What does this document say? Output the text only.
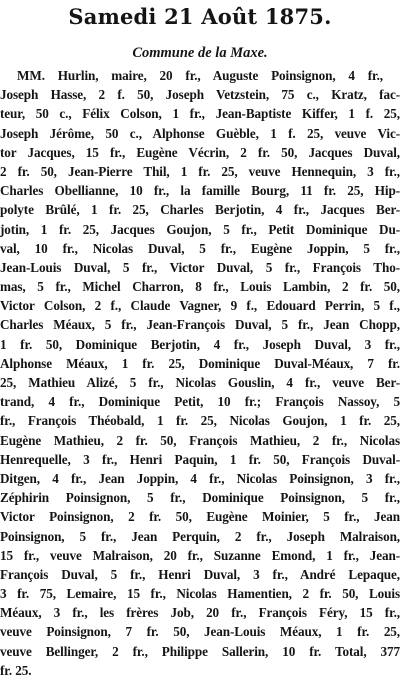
Samedi 21 Août 1875.
Commune de la Maxe.
MM. Hurlin, maire, 20 fr., Auguste Poinsignon, 4 fr.,
Joseph Hasse, 2 f. 50, Joseph Vetzstein, 75 c., Kratz, fac-
teur, 50 c., Félix Colson, 1 fr., Jean-Baptiste Kiffer, 1 f. 25,
Joseph Jérôme, 50 c., Alphonse Guèble, 1 f. 25, veuve Vic-
tor Jacques, 15 fr., Eugène Vécrin, 2 fr. 50, Jacques Duval,
2 fr. 50, Jean-Pierre Thil, 1 fr. 25, veuve Hennequin, 3 fr.,
Charles Obellianne, 10 fr., la famille Bourg, 11 fr. 25, Hip-
polyte Brûlé, 1 fr. 25, Charles Berjotin, 4 fr., Jacques Ber-
jotin, 1 fr. 25, Jacques Goujon, 5 fr., Petit Dominique Du-
val, 10 fr., Nicolas Duval, 5 fr., Eugène Joppin, 5 fr.,
Jean-Louis Duval, 5 fr., Victor Duval, 5 fr., François Tho-
mas, 5 fr., Michel Charron, 8 fr., Louis Lambin, 2 fr. 50,
Victor Colson, 2 f., Claude Vagner, 9 f., Edouard Perrin, 5 f.,
Charles Méaux, 5 fr., Jean-François Duval, 5 fr., Jean Chopp,
1 fr. 50, Dominique Berjotin, 4 fr., Joseph Duval, 3 fr.,
Alphonse Méaux, 1 fr. 25, Dominique Duval-Méaux, 7 fr.
25, Mathieu Alizé, 5 fr., Nicolas Gouslin, 4 fr., veuve Ber-
trand, 4 fr., Dominique Petit, 10 fr.; François Nassoy, 5
fr., François Théobald, 1 fr. 25, Nicolas Goujon, 1 fr. 25,
Eugène Mathieu, 2 fr. 50, François Mathieu, 2 fr., Nicolas
Henrequelle, 3 fr., Henri Paquin, 1 fr. 50, François Duval-
Ditgen, 4 fr., Jean Joppin, 4 fr., Nicolas Poinsignon, 3 fr.,
Zéphirin Poinsignon, 5 fr., Dominique Poinsignon, 5 fr.,
Victor Poinsignon, 2 fr. 50, Eugène Moinier, 5 fr., Jean
Poinsignon, 5 fr., Jean Perquin, 2 fr., Joseph Malraison,
15 fr., veuve Malraison, 20 fr., Suzanne Emond, 1 fr., Jean-
François Duval, 5 fr., Henri Duval, 3 fr., André Lepaque,
3 fr. 75, Lemaire, 15 fr., Nicolas Hamentien, 2 fr. 50, Louis
Méaux, 3 fr., les frères Job, 20 fr., François Féry, 15 fr.,
veuve Poinsignon, 7 fr. 50, Jean-Louis Méaux, 1 fr. 25,
veuve Bellinger, 2 fr., Philippe Sallerin, 10 fr. Total, 377
fr. 25.
